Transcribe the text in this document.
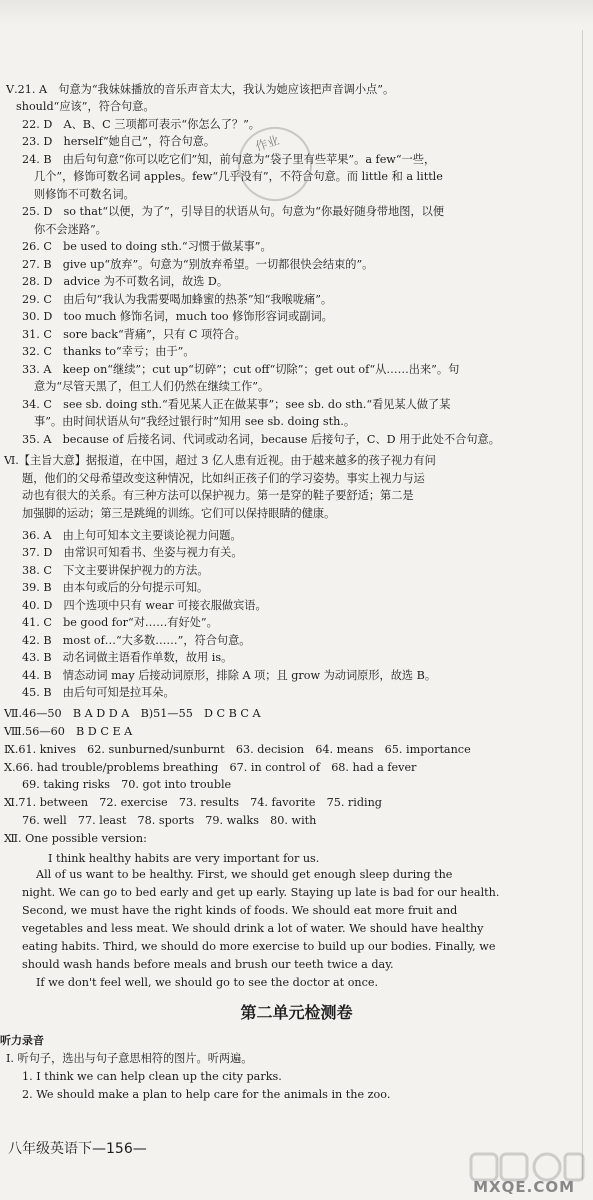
Ⅴ.21. A　句意为“我妹妹播放的音乐声音太大，我认为她应该把声音调小点”。
should“应该”，符合句意。
22. D　A、B、C 三项都可表示“你怎么了？”。
23. D　herself“她自己”，符合句意。
24. B　由后句句意“你可以吃它们”知，前句意为“袋子里有些苹果”。a few“一些，
几个”，修饰可数名词 apples。few“几乎没有”，不符合句意。而 little 和 a little
则修饰不可数名词。
25. D　so that“以便，为了”，引导目的状语从句。句意为“你最好随身带地图，以便
你不会迷路”。
26. C　be used to doing sth.“习惯于做某事”。
27. B　give up“放弃”。句意为“别放弃希望。一切都很快会结束的”。
28. D　advice 为不可数名词，故选 D。
29. C　由后句“我认为我需要喝加蜂蜜的热茶”知“我喉咙痛”。
30. D　too much 修饰名词，much too 修饰形容词或副词。
31. C　sore back“背痛”，只有 C 项符合。
32. C　thanks to“幸亏；由于”。
33. A　keep on“继续”；cut up“切碎”；cut off“切除”；get out of“从……出来”。句
意为“尽管天黑了，但工人们仍然在继续工作”。
34. C　see sb. doing sth.“看见某人正在做某事”；see sb. do sth.“看见某人做了某
事”。由时间状语从句“我经过银行时”知用 see sb. doing sth.。
35. A　because of 后接名词、代词或动名词，because 后接句子，C、D 用于此处不合句意。
Ⅵ.【主旨大意】据报道，在中国，超过 3 亿人患有近视。由于越来越多的孩子视力有问
题，他们的父母希望改变这种情况，比如纠正孩子们的学习姿势。事实上视力与运
动也有很大的关系。有三种方法可以保护视力。第一是穿的鞋子要舒适；第二是
加强脚的运动；第三是跳绳的训练。它们可以保持眼睛的健康。
36. A　由上句可知本文主要谈论视力问题。
37. D　由常识可知看书、坐姿与视力有关。
38. C　下文主要讲保护视力的方法。
39. B　由本句或后的分句提示可知。
40. D　四个选项中只有 wear 可接衣服做宾语。
41. C　be good for“对……有好处”。
42. B　most of…“大多数……”，符合句意。
43. B　动名词做主语看作单数，故用 is。
44. B　情态动词 may 后接动词原形，排除 A 项；且 grow 为动词原形，故选 B。
45. B　由后句可知是拉耳朵。
Ⅶ.46—50　B A D D A　B)51—55　D C B C A
Ⅷ.56—60　B D C E A
Ⅸ.61. knives　62. sunburned/sunburnt　63. decision　64. means　65. importance
Ⅹ.66. had trouble/problems breathing　67. in control of　68. had a fever
69. taking risks　70. got into trouble
Ⅺ.71. between　72. exercise　73. results　74. favorite　75. riding
76. well　77. least　78. sports　79. walks　80. with
Ⅻ. One possible version:
I think healthy habits are very important for us.
All of us want to be healthy. First, we should get enough sleep during the
night. We can go to bed early and get up early. Staying up late is bad for our health.
Second, we must have the right kinds of foods. We should eat more fruit and
vegetables and less meat. We should drink a lot of water. We should have healthy
eating habits. Third, we should do more exercise to build up our bodies. Finally, we
should wash hands before meals and brush our teeth twice a day.
If we don't feel well, we should go to see the doctor at once.
第二单元检测卷
听力录音
Ⅰ. 听句子，选出与句子意思相符的图片。听两遍。
1. I think we can help clean up the city parks.
2. We should make a plan to help care for the animals in the zoo.
八年级英语下—156—
作业
MXQE.COM
